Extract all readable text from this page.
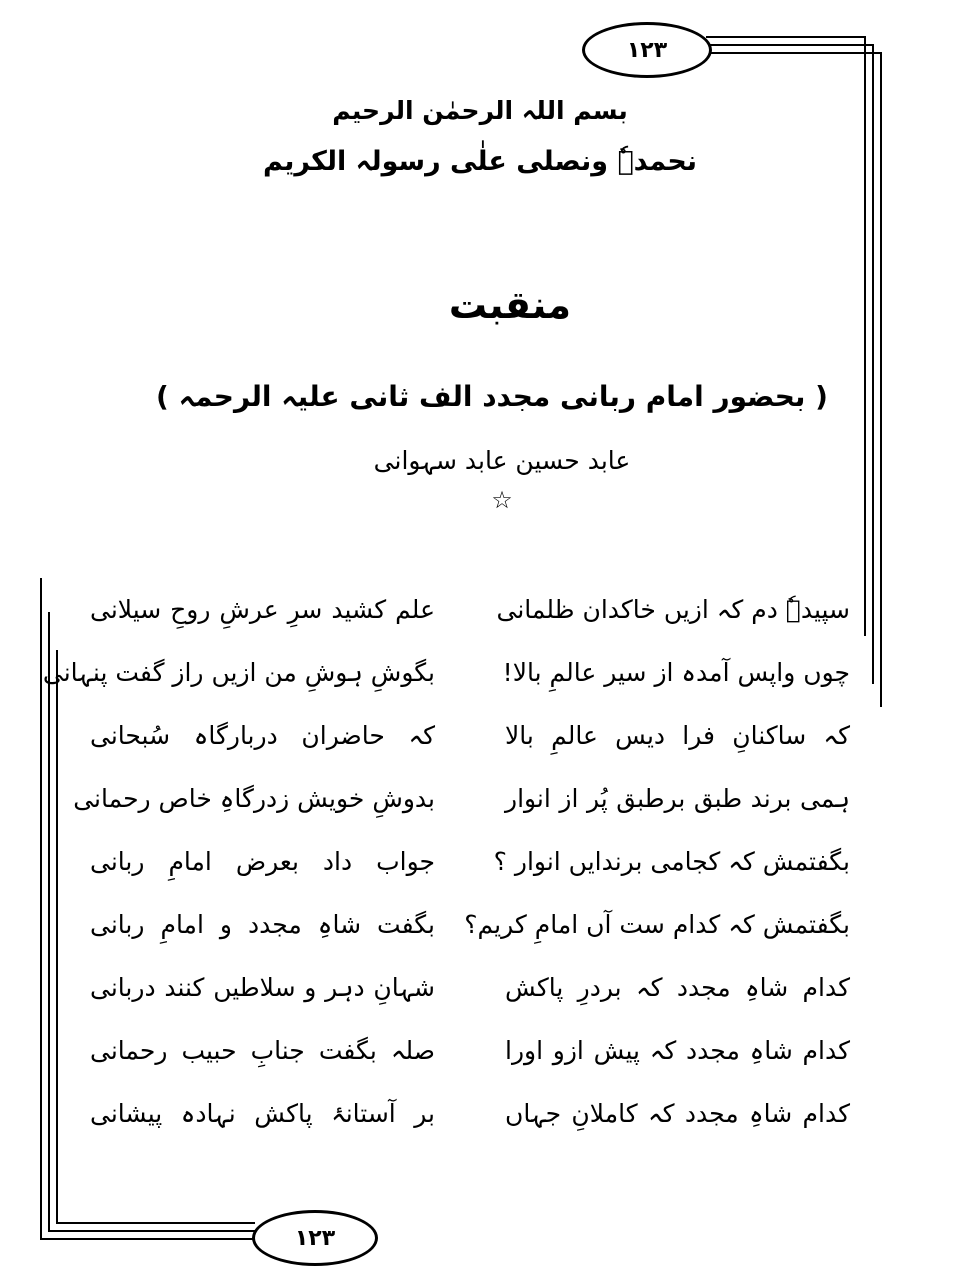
۱۲۳
۱۲۳
بسم اللہ الرحمٰن الرحیم
نحمدہٗ ونصلی علٰی رسولہ الکریم
منقبت
( بحضور امام ربانی مجدد الف ثانی علیہ الرحمہ )
عابد حسین عابد سہوانی
☆
سپیدہٗ دم کہ ازیں خاکدان ظلمانی
علم کشید سرِ عرشِ روحِ سیلانی
چوں واپس آمدہ از سیر عالمِ بالا!
بگوشِ ہوشِ من ازیں راز گفت پنہانی
کہ ساکنانِ فرا دیس عالمِ بالا
کہ حاضران دربارگاہ سُبحانی
ہمی برند طبق برطبق پُر از انوار
بدوشِ خویش زدرگاہِ خاص رحمانی
بگفتمش کہ کجامی برندایں انوار ؟
جواب داد بعرض امامِ ربانی
بگفتمش کہ کدام ست آں امامِ کریم؟
بگفت شاہِ مجدد و امامِ ربانی
کدام شاہِ مجدد کہ بردرِ پاکش
شہانِ دہر و سلاطیں کنند دربانی
کدام شاہِ مجدد کہ پیش ازو اورا
صلہ بگفت جنابِ حبیب رحمانی
کدام شاہِ مجدد کہ کاملانِ جہاں
بر آستانۂ پاکش نہادہ پیشانی
